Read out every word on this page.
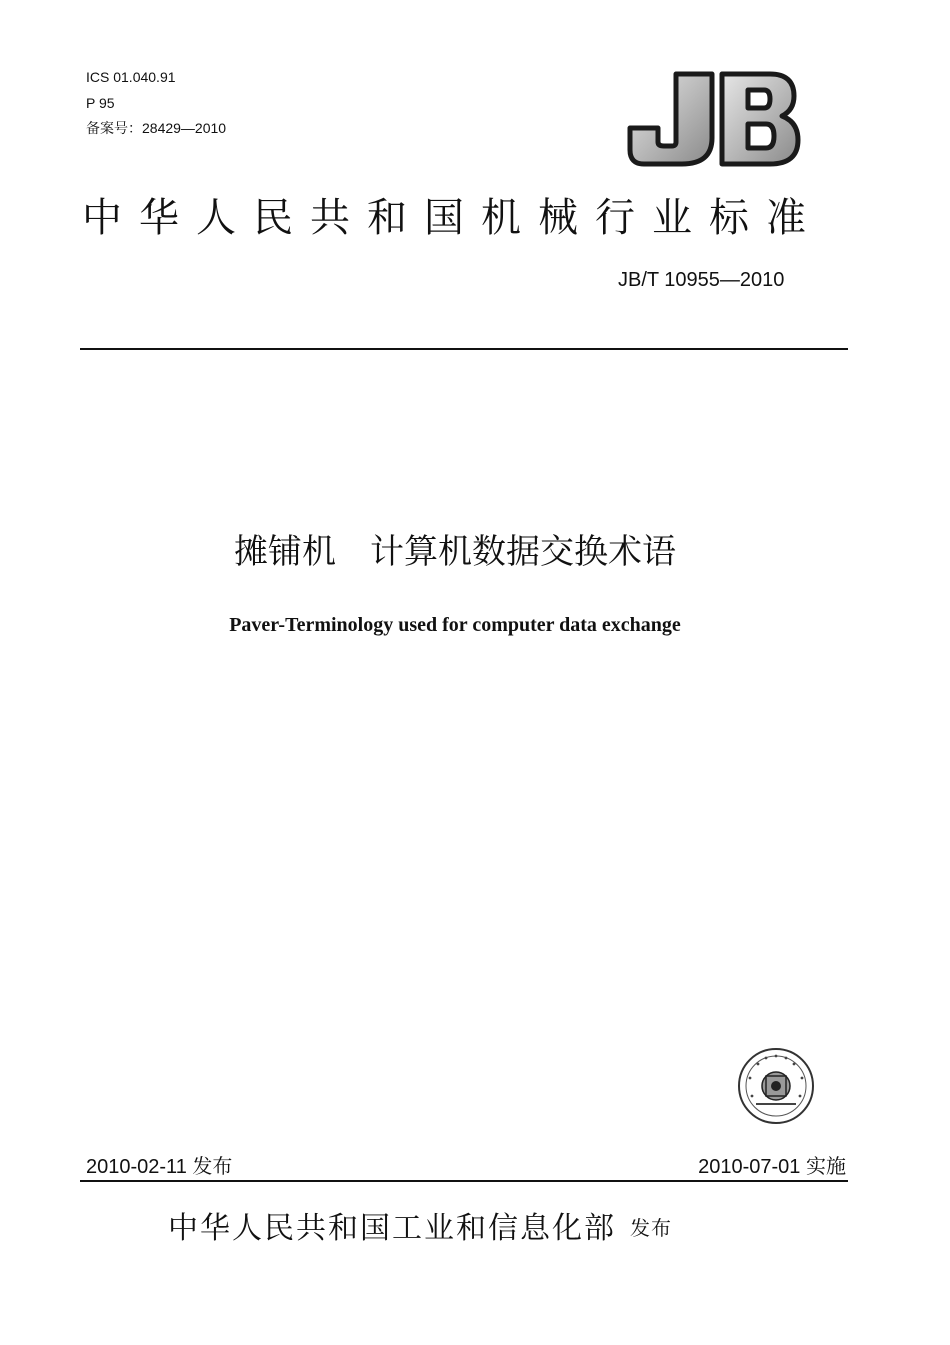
ICS 01.040.91
P 95
备案号：28429—2010
中华人民共和国机械行业标准
JB/T 10955—2010
摊铺机　计算机数据交换术语
Paver-Terminology used for computer data exchange
2010-02-11 发布	2010-07-01 实施
中华人民共和国工业和信息化部 发布
